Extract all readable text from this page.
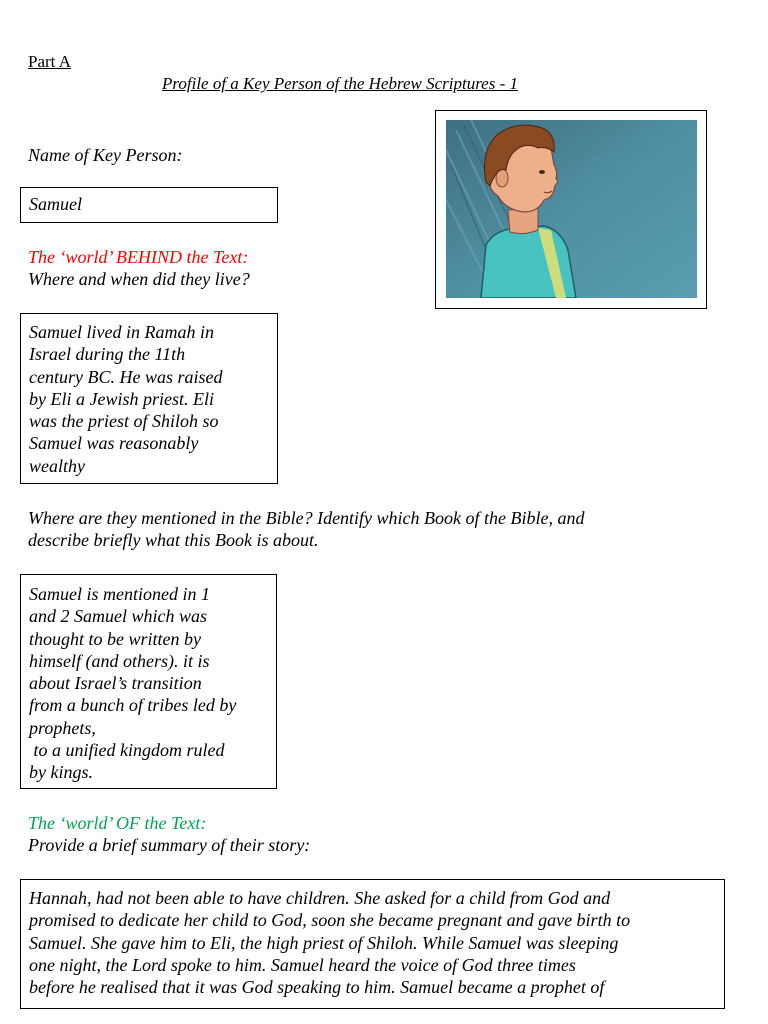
Part A
Profile of a Key Person of the Hebrew Scriptures - 1
Name of Key Person:
Samuel

The ‘world’ BEHIND the Text:

Where and when did they live?

Samuel lived in Ramah in

Israel during the 11th

century BC. He was raised

by Eli a Jewish priest. Eli

was the priest of Shiloh so

Samuel was reasonably

wealthy

Where are they mentioned in the Bible? Identify which Book of the Bible, and

describe briefly what this Book is about.

Samuel is mentioned in 1

and 2 Samuel which was

thought to be written by

himself (and others). it is

about Israel’s transition

from a bunch of tribes led by

prophets,

to a unified kingdom ruled

by kings.

The ‘world’ OF the Text:

Provide a brief summary of their story:

Hannah, had not been able to have children. She asked for a child from God and

promised to dedicate her child to God, soon she became pregnant and gave birth to

Samuel. She gave him to Eli, the high priest of Shiloh. While Samuel was sleeping

one night, the Lord spoke to him. Samuel heard the voice of God three times

before he realised that it was God speaking to him. Samuel became a prophet of
